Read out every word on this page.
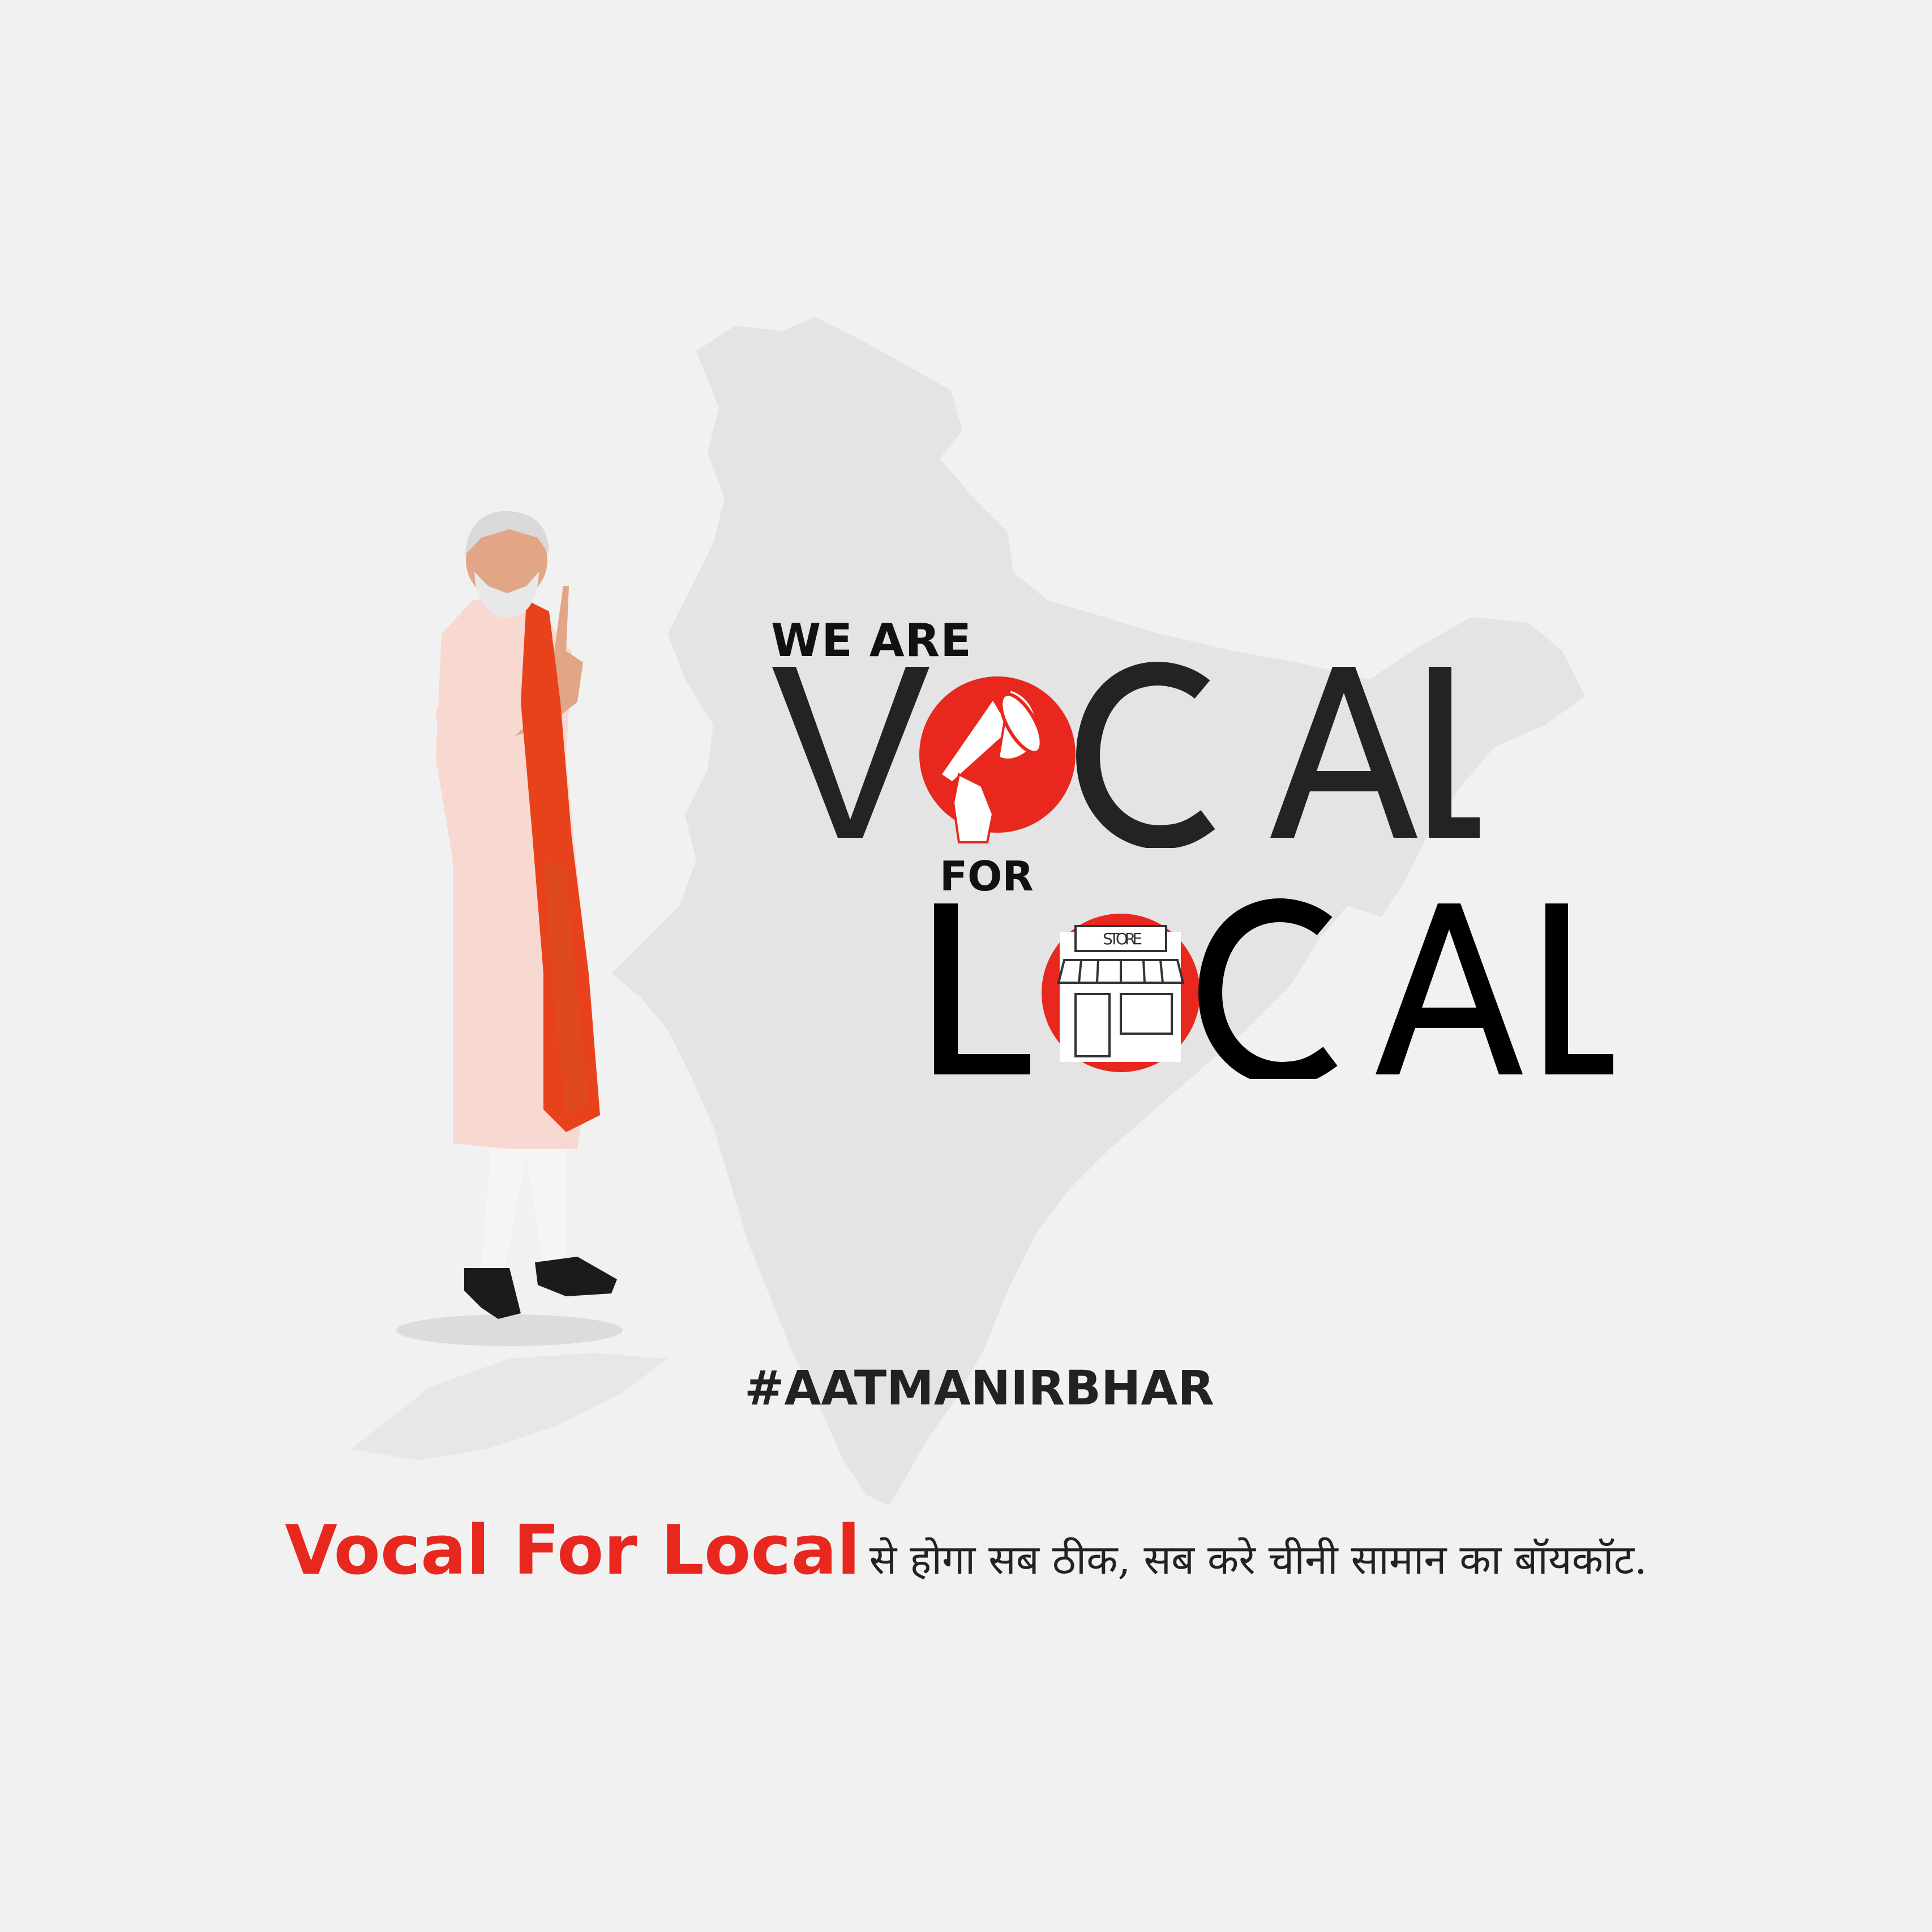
WE ARE
FOR
STORE
#AATMANIRBHAR
Vocal For Local से होगा सब ठीक, सब करे चीनी सामान का बॉयकॉट.
